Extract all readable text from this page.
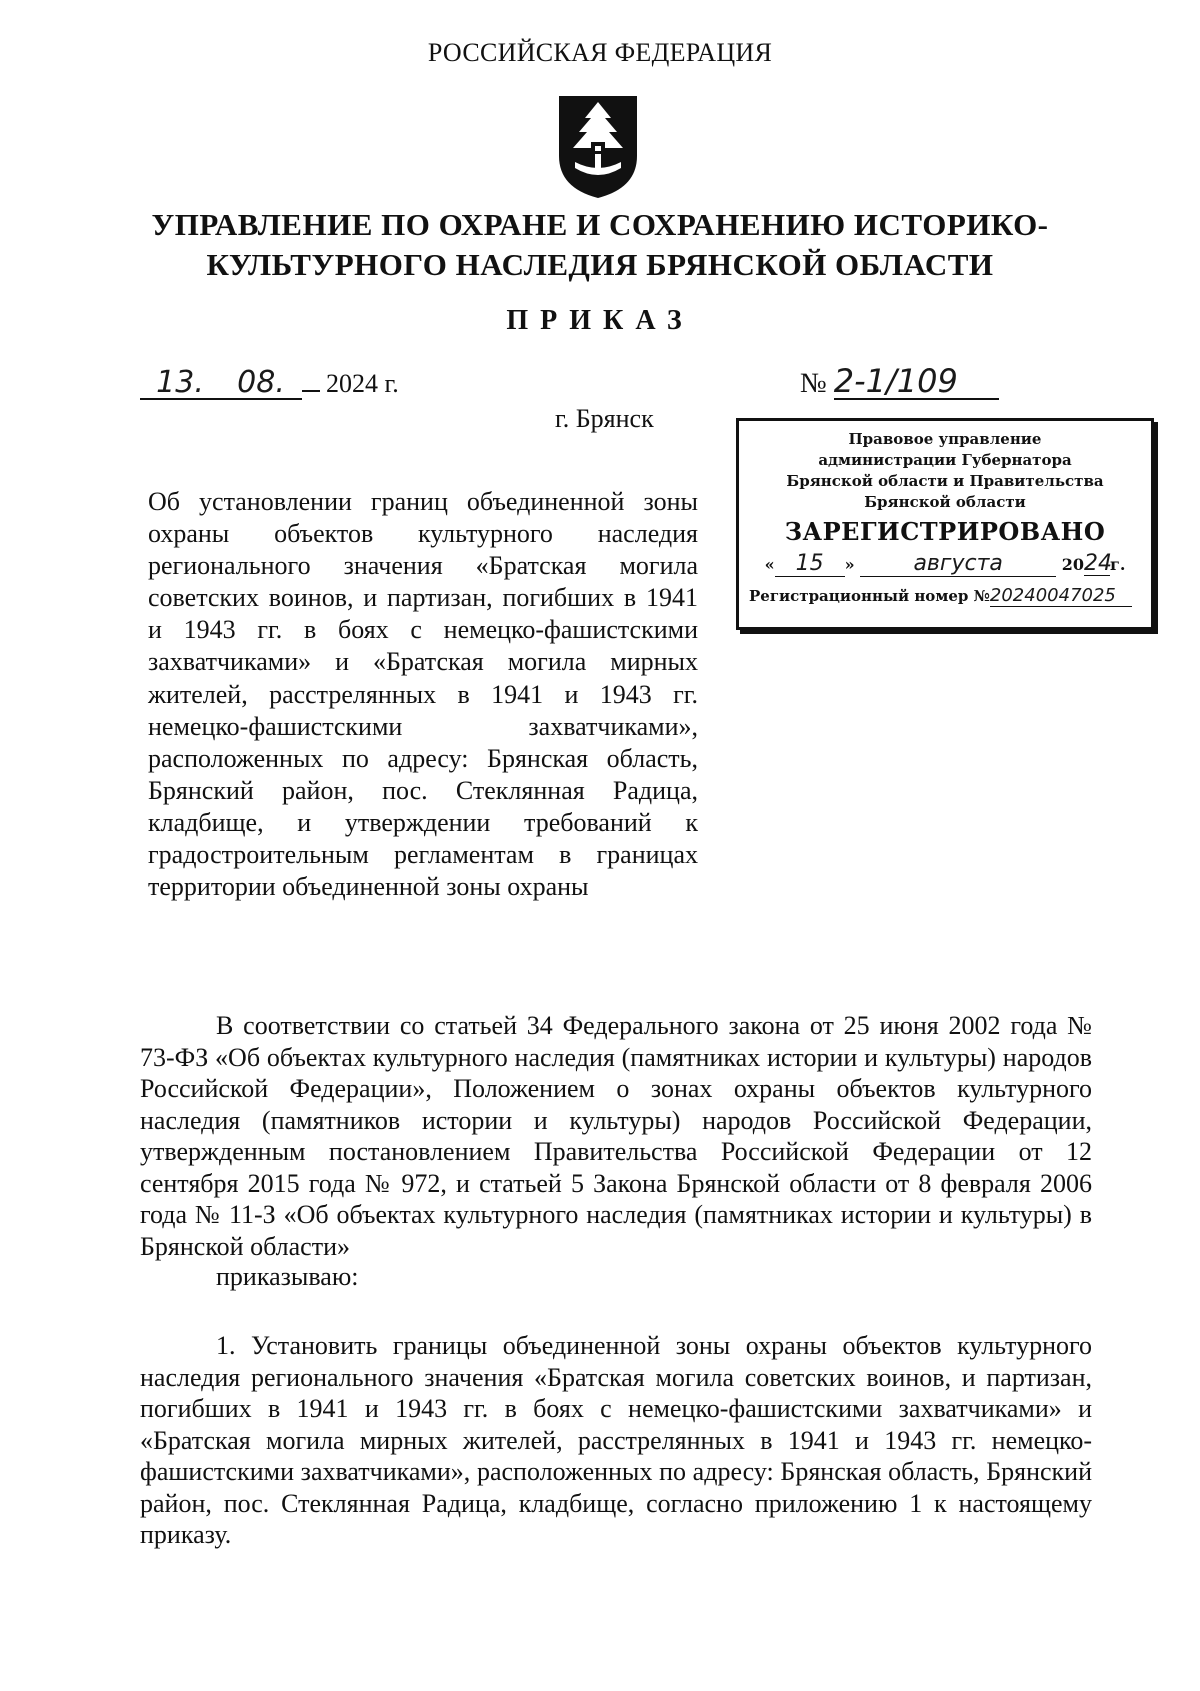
РОССИЙСКАЯ ФЕДЕРАЦИЯ
УПРАВЛЕНИЕ ПО ОХРАНЕ И СОХРАНЕНИЮ ИСТОРИКО-
КУЛЬТУРНОГО НАСЛЕДИЯ БРЯНСКОЙ ОБЛАСТИ
ПРИКАЗ
13. 08. 2024 г.	№ 2-1/109
г. Брянск
Правовое управление
администрации Губернатора
Брянской области и Правительства
Брянской области
ЗАРЕГИСТРИРОВАНО
« 15 »	августа	2024г.
Регистрационный номер №20240047025
Об установлении границ объединенной зоны охраны объектов культурного наследия регионального значения «Братская могила советских воинов, и партизан, погибших в 1941 и 1943 гг. в боях с немецко-фашистскими захватчиками» и «Братская могила мирных жителей, расстрелянных в 1941 и 1943 гг. немецко-фашистскими захватчиками», расположенных по адресу: Брянская область, Брянский район, пос. Стеклянная Радица, кладбище, и утверждении требований к градостроительным регламентам в границах территории объединенной зоны охраны
В соответствии со статьей 34 Федерального закона от 25 июня 2002 года № 73-ФЗ «Об объектах культурного наследия (памятниках истории и культуры) народов Российской Федерации», Положением о зонах охраны объектов культурного наследия (памятников истории и культуры) народов Российской Федерации, утвержденным постановлением Правительства Российской Федерации от 12 сентября 2015 года № 972, и статьей 5 Закона Брянской области от 8 февраля 2006 года № 11-З «Об объектах культурного наследия (памятниках истории и культуры) в Брянской области»
приказываю:
1. Установить границы объединенной зоны охраны объектов культурного наследия регионального значения «Братская могила советских воинов, и партизан, погибших в 1941 и 1943 гг. в боях с немецко-фашистскими захватчиками» и «Братская могила мирных жителей, расстрелянных в 1941 и 1943 гг. немецко-фашистскими захватчиками», расположенных по адресу: Брянская область, Брянский район, пос. Стеклянная Радица, кладбище, согласно приложению 1 к настоящему приказу.
